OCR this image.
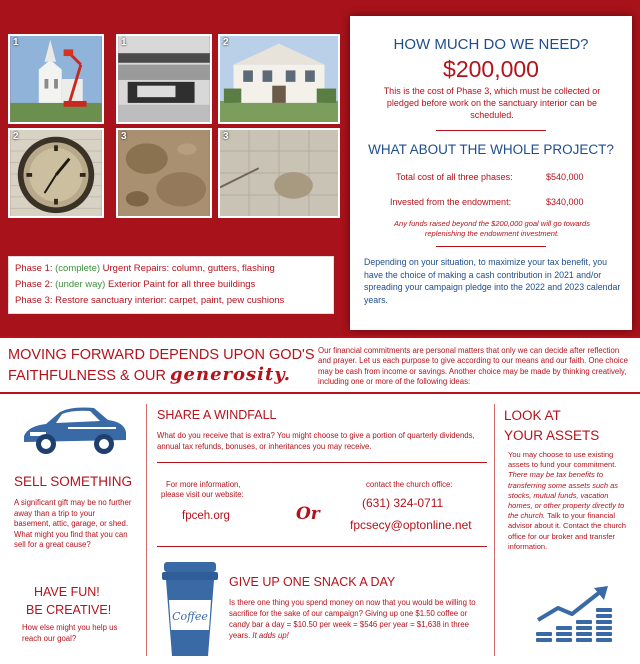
1	1	2
2	3	3

Phase 1: (complete) Urgent Repairs: column, gutters, flashing

Phase 2: (under way) Exterior Paint for all three buildings

Phase 3: Restore sanctuary interior: carpet, paint, pew cushions

HOW MUCH DO WE NEED?
$200,000
This is the cost of Phase 3, which must be collected or pledged before work on the sanctuary interior can be scheduled.
WHAT ABOUT THE WHOLE PROJECT?
Total cost of all three phases:	$540,000
Invested from the endowment:	$340,000
Any funds raised beyond the $200,000 goal will go towards replenishing the endowment investment.
Depending on your situation, to maximize your tax benefit, you have the choice of making a cash contribution in 2021 and/or spreading your campaign pledge into the 2022 and 2023 calendar years.
MOVING FORWARD DEPENDS UPON GOD'S
FAITHFULNESS & OUR generosity.
Our financial commitments are personal matters that only we can decide after reflection and prayer. Let us each purpose to give according to our means and our faith. One choice may be cash from income or savings. Another choice may be made by thinking creatively, including one or more of the following ideas:
SELL SOMETHING
A significant gift may be no further away than a trip to your basement, attic, garage, or shed. What might you find that you can sell for a great cause?
HAVE FUN!
BE CREATIVE!
How else might you help us reach our goal?
SHARE A WINDFALL
What do you receive that is extra? You might choose to give a portion of quarterly dividends, annual tax refunds, bonuses, or inheritances you may receive.
For more information,
please visit our website:
fpceh.org	Or
contact the church office:
(631) 324-0711
fpcsecy@optonline.net
Coffee
GIVE UP ONE SNACK A DAY
Is there one thing you spend money on now that you would be willing to sacrifice for the sake of our campaign? Giving up one $1.50 coffee or candy bar a day = $10.50 per week = $546 per year = $1,638 in three years. It adds up!
LOOK AT
YOUR ASSETS
You may choose to use existing assets to fund your commitment. There may be tax benefits to transferring some assets such as stocks, mutual funds, vacation homes, or other property directly to the church. Talk to your financial advisor about it. Contact the church office for our broker and transfer information.
